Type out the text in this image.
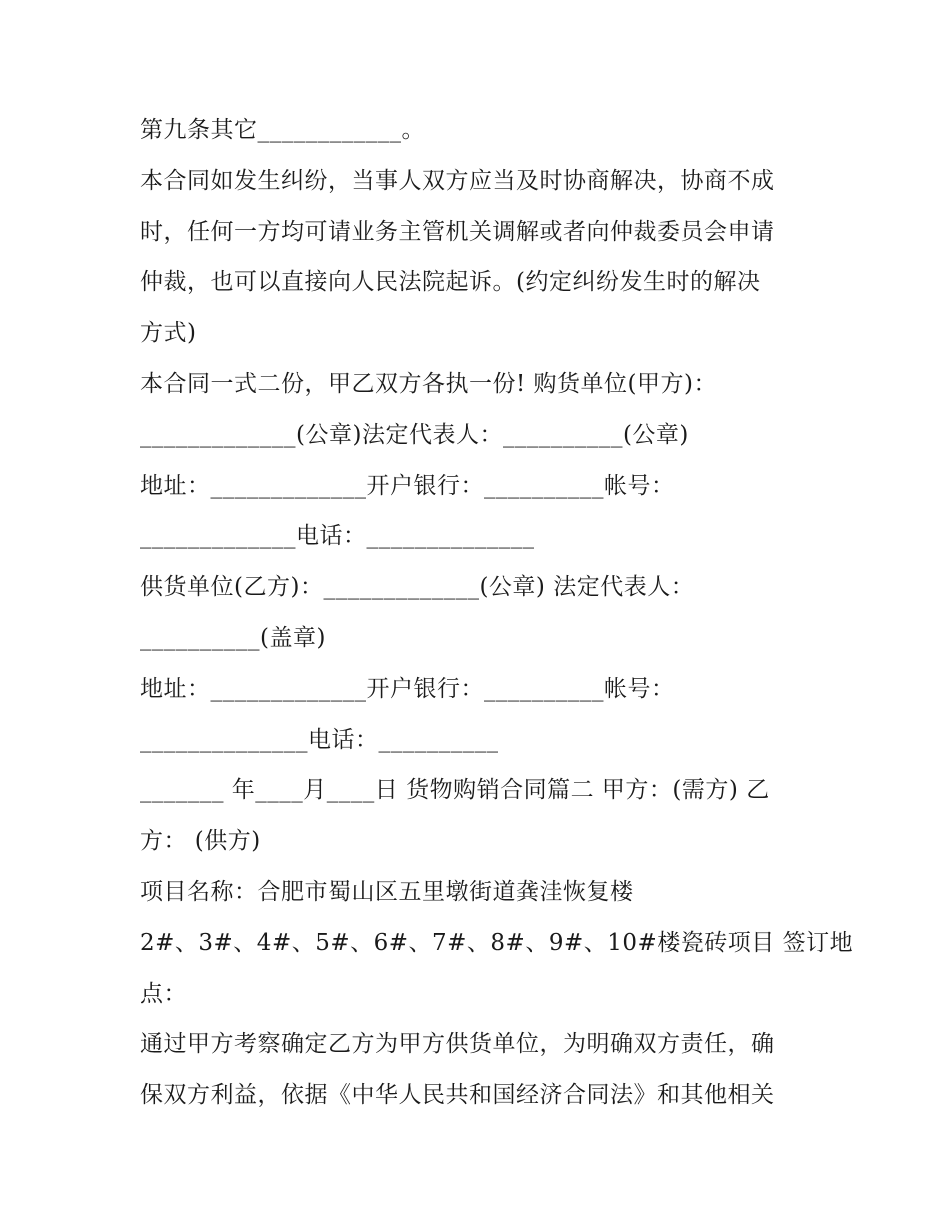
第九条其它____________。
本合同如发生纠纷，当事人双方应当及时协商解决，协商不成
时，任何一方均可请业务主管机关调解或者向仲裁委员会申请
仲裁，也可以直接向人民法院起诉。(约定纠纷发生时的解决
方式)
本合同一式二份，甲乙双方各执一份! 购货单位(甲方)：
_____________(公章)法定代表人：__________(公章)
地址：_____________开户银行：__________帐号：
_____________电话：______________
供货单位(乙方)：_____________(公章) 法定代表人：
__________(盖章)
地址：_____________开户银行：__________帐号：
______________电话：__________
_______ 年____月____日 货物购销合同篇二 甲方：(需方) 乙
方： (供方)
项目名称：合肥市蜀山区五里墩街道龚洼恢复楼
2#、3#、4#、5#、6#、7#、8#、9#、10#楼瓷砖项目 签订地
点：
通过甲方考察确定乙方为甲方供货单位，为明确双方责任，确
保双方利益，依据《中华人民共和国经济合同法》和其他相关
